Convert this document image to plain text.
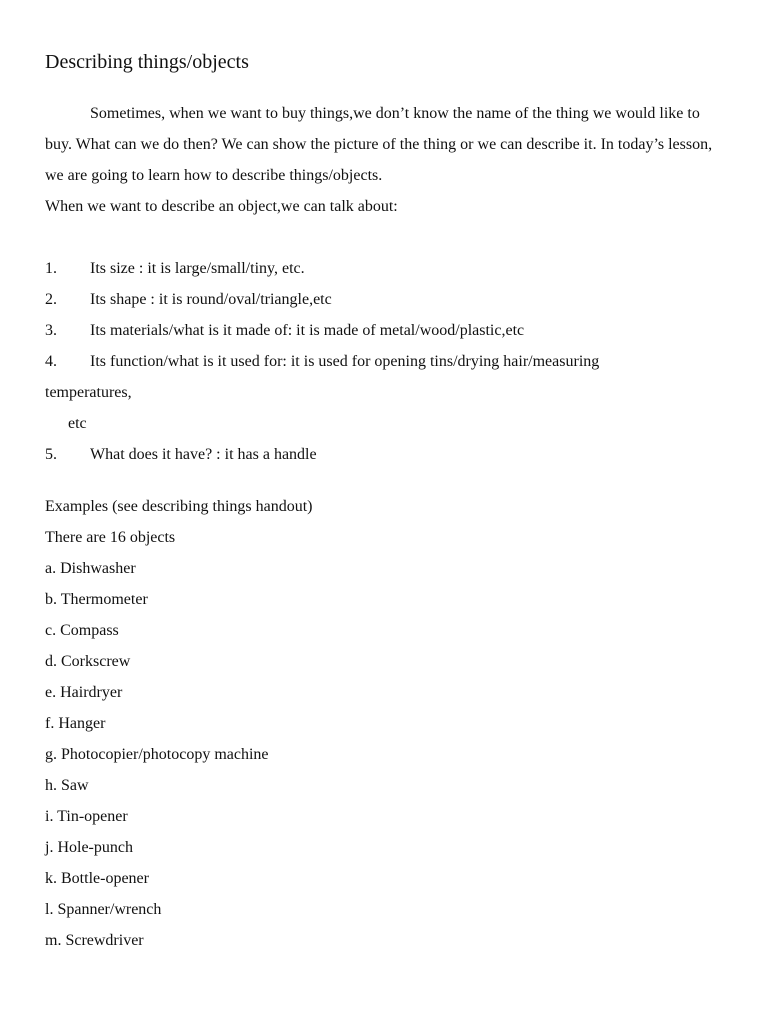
Describing things/objects

Sometimes, when we want to buy things,we don’t know the name of the thing we would like to buy. What can we do then? We can show the picture of the thing or we can describe it. In today’s lesson, we are going to learn how to describe things/objects.

When we want to describe an object,we can talk about:

1.	Its size : it is large/small/tiny, etc.
2.	Its shape : it is round/oval/triangle,etc
3.	Its materials/what is it made of: it is made of metal/wood/plastic,etc
4.	Its function/what is it used for: it is used for opening tins/drying hair/measuring

temperatures,

etc

5.	What does it have? : it has a handle

Examples (see describing things handout)

There are 16 objects

a. Dishwasher

b. Thermometer

c. Compass

d. Corkscrew

e. Hairdryer

f. Hanger

g. Photocopier/photocopy machine

h. Saw

i. Tin-opener

j. Hole-punch

k. Bottle-opener

l. Spanner/wrench

m. Screwdriver
